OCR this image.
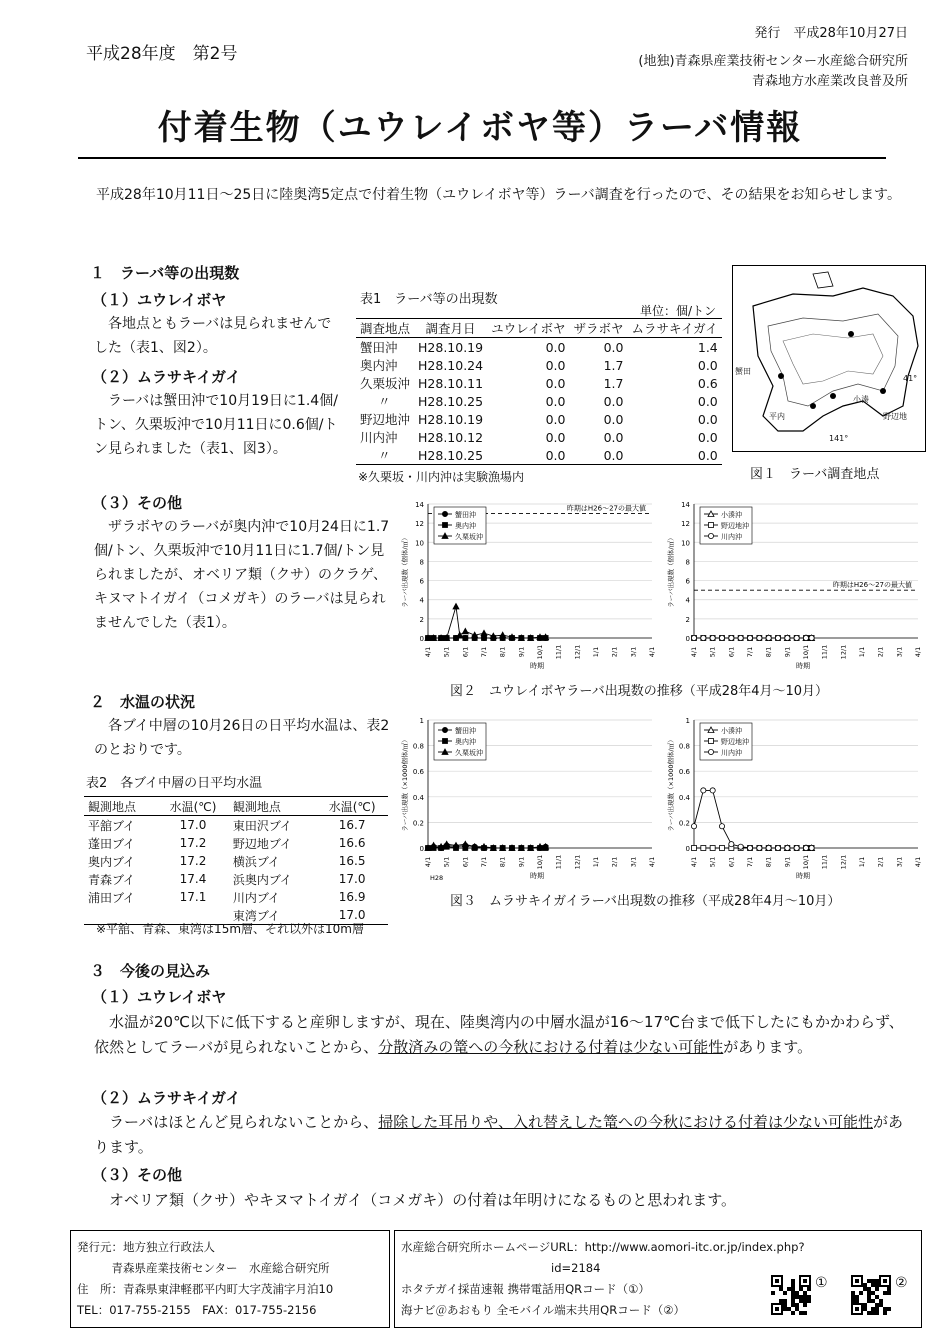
平成28年度　第2号
発行　平成28年10月27日
(地独)青森県産業技術センター水産総合研究所
青森地方水産業改良普及所
付着生物（ユウレイボヤ等）ラーバ情報
　平成28年10月11日～25日に陸奥湾5定点で付着生物（ユウレイボヤ等）ラーバ調査を行ったので、その結果をお知らせします。
１　ラーバ等の出現数
（１）ユウレイボヤ
　各地点ともラーバは見られませんでした（表1、図2）。
（２）ムラサキイガイ
　ラーバは蟹田沖で10月19日に1.4個/トン、久栗坂沖で10月11日に0.6個/トン見られました（表1、図3）。
（３）その他
　ザラボヤのラーバが奥内沖で10月24日に1.7個/トン、久栗坂沖で10月11日に1.7個/トン見られましたが、オベリア類（クサ）のクラゲ、キヌマトイガイ（コメガキ）のラーバは見られませんでした（表1）。
表1　ラーバ等の出現数
単位：個/トン
調査地点	調査月日	ユウレイボヤ	ザラボヤ	ムラサキイガイ
蟹田沖	H28.10.19	0.0	0.0	1.4
奥内沖	H28.10.24	0.0	1.7	0.0
久栗坂沖	H28.10.11	0.0	1.7	0.6
〃	H28.10.25	0.0	0.0	0.0
野辺地沖	H28.10.19	0.0	0.0	0.0
川内沖	H28.10.12	0.0	0.0	0.0
〃	H28.10.25	0.0	0.0	0.0
※久栗坂・川内沖は実験漁場内
蟹田
平内	野辺地
小湊
41°
141°
図１　ラーバ調査地点
0
2
4
6
8
10
12
14
4/1 5/1 6/1 7/1 8/1 9/1 10/1 11/1 12/1 1/1 2/1 3/1 4/1
時期
ラーバ出現数（個体/㎥）
昨期はH26～27の最大値
蟹田沖
奥内沖
久栗坂沖
0
2
4
6
8
10
12
14
4/1 5/1 6/1 7/1 8/1 9/1 10/1 11/1 12/1 1/1 2/1 3/1 4/1
時期
ラーバ出現数（個体/㎥）	昨期はH26～27の最大値
小湊沖
野辺地沖
川内沖
図２　ユウレイボヤラーバ出現数の推移（平成28年4月～10月）
0
0.2
0.4
0.6
0.8
1
4/1 5/1 6/1 7/1 8/1 9/1 10/1 11/1 12/1 1/1 2/1 3/1 4/1
時期
H28
ラーバ出現数（×1000個体/㎥）
蟹田沖
奥内沖
久栗坂沖
0
0.2
0.4
0.6
0.8
1
4/1 5/1 6/1 7/1 8/1 9/1 10/1 11/1 12/1 1/1 2/1 3/1 4/1
時期
ラーバ出現数（×1000個体/㎥）
小湊沖
野辺地沖
川内沖
図３　ムラサキイガイラーバ出現数の推移（平成28年4月～10月）
２　水温の状況
　各ブイ中層の10月26日の日平均水温は、表2のとおりです。
表2　各ブイ中層の日平均水温
観測地点	水温(℃)	観測地点	水温(℃)
平舘ブイ	17.0	東田沢ブイ	16.7
蓬田ブイ	17.2	野辺地ブイ	16.6
奥内ブイ	17.2	横浜ブイ	16.5
青森ブイ	17.4	浜奥内ブイ	17.0
浦田ブイ	17.1	川内ブイ	16.9
		東湾ブイ	17.0
※平舘、青森、東湾は15m層、それ以外は10m層
３　今後の見込み
（１）ユウレイボヤ
　水温が20℃以下に低下すると産卵しますが、現在、陸奥湾内の中層水温が16～17℃台まで低下したにもかかわらず、依然としてラーバが見られないことから、分散済みの篭への今秋における付着は少ない可能性があります。
（２）ムラサキイガイ
　ラーバはほとんど見られないことから、掃除した耳吊りや、入れ替えした篭への今秋における付着は少ない可能性があります。
（３）その他
　オベリア類（クサ）やキヌマトイガイ（コメガキ）の付着は年明けになるものと思われます。
発行元：地方独立行政法人
　　　青森県産業技術センター　水産総合研究所
住　所：青森県東津軽郡平内町大字茂浦字月泊10
TEL：017-755-2155　FAX：017-755-2156
水産総合研究所ホームページURL：http://www.aomori-itc.or.jp/index.php?
id=2184
ホタテガイ採苗速報 携帯電話用QRコード（①）
海ナビ＠あおもり 全モバイル端末共用QRコード（②）
①	②
